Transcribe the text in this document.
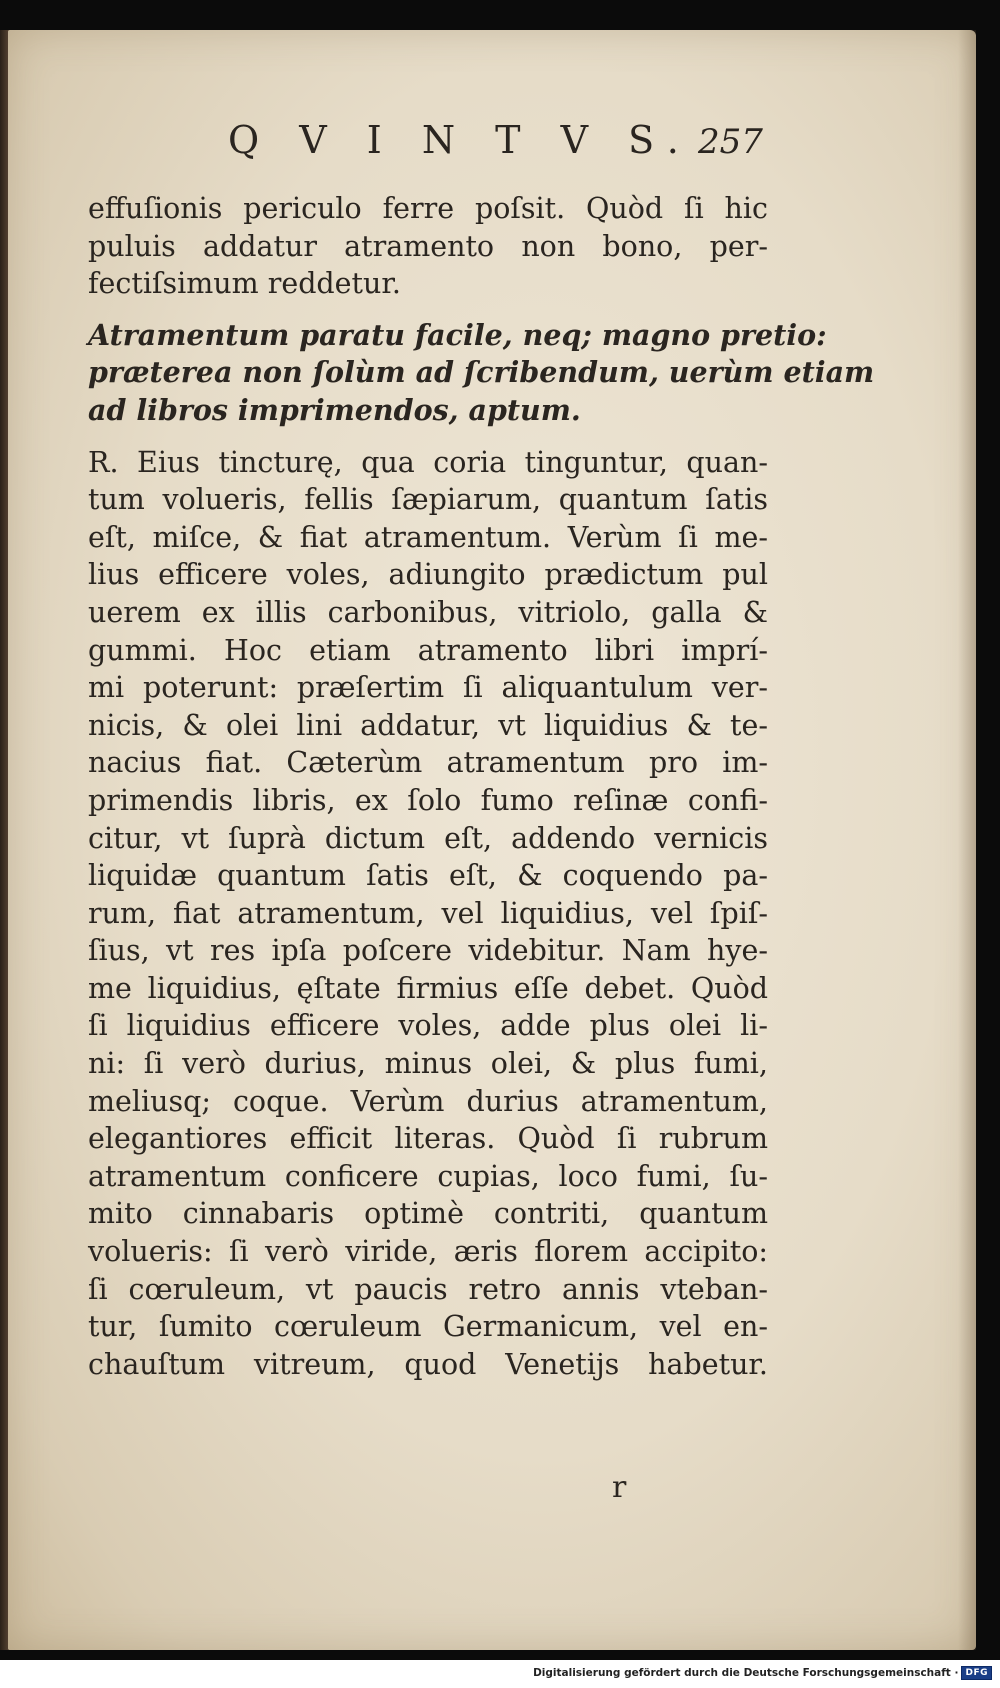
Q V I N T V S. 257
effuſionis periculo ferre poſsit. Quòd ſi hic
puluis addatur atramento non bono, per-
fectiſsimum reddetur.
Atramentum paratu facile, neq; magno pretio:
præterea non ſolùm ad ſcribendum, uerùm etiam
ad libros imprimendos, aptum.
R. Eius tincturę, qua coria tinguntur, quan-
tum volueris, fellis ſæpiarum, quantum ſatis
eſt, miſce, & fiat atramentum. Verùm ſi me-
lius efficere voles, adiungito prædictum pul
uerem ex illis carbonibus, vitriolo, galla &
gummi. Hoc etiam atramento libri imprí-
mi poterunt: præſertim ſi aliquantulum ver-
nicis, & olei lini addatur, vt liquidius & te-
nacius fiat. Cæterùm atramentum pro im-
primendis libris, ex ſolo fumo reſinæ confi-
citur, vt ſuprà dictum eſt, addendo vernicis
liquidæ quantum ſatis eſt, & coquendo pa-
rum, fiat atramentum, vel liquidius, vel ſpiſ-
ſius, vt res ipſa poſcere videbitur. Nam hye-
me liquidius, ęſtate firmius eſſe debet. Quòd
ſi liquidius efficere voles, adde plus olei li-
ni: ſi verò durius, minus olei, & plus fumi,
meliusq; coque. Verùm durius atramentum,
elegantiores efficit literas. Quòd ſi rubrum
atramentum conficere cupias, loco fumi, ſu-
mito cinnabaris optimè contriti, quantum
volueris: ſi verò viride, æris florem accipito:
ſi cœruleum, vt paucis retro annis vteban-
tur, ſumito cœruleum Germanicum, vel en-
chauſtum vitreum, quod Venetijs habetur.
r
Digitalisierung gefördert durch die Deutsche Forschungsgemeinschaft · DFG
